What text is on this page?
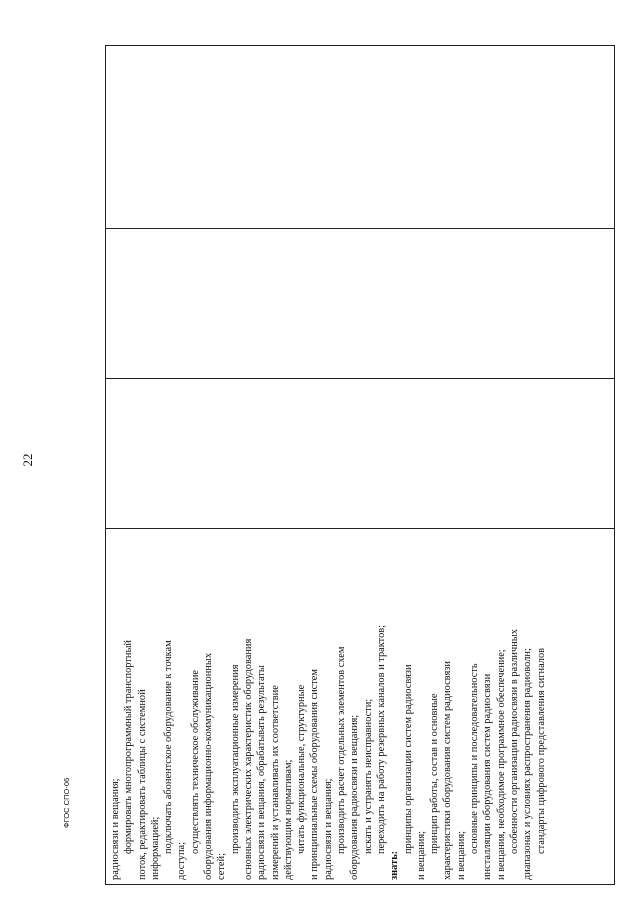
22
радиосвязи и вещания; формировать многопрограммный транспортный поток, редактировать таблицы с системной информацией; подключать абонентское оборудование к точкам
доступа;
осуществлять техническое обслуживание оборудования информационно-коммуникационных сетей;
производить эксплуатационные измерения основных электрических характеристик оборудования радиосвязи и вещания, обрабатывать результаты измерений и устанавливать их соответствие действующим нормативам; читать функциональные, структурные и принципиальные схемы оборудования систем радиосвязи и вещания; производить расчет отдельных элементов схем оборудования радиосвязи и вещания; искать и устранять неисправности; переходить на работу резервных каналов и трактов;
знать:
принципы организации систем радиосвязи
и вещания;
принцип работы, состав и основные характеристики оборудования систем радиосвязи и вещания;
основные принципы и последовательность инсталляции оборудования систем радиосвязи и вещания, необходимое программное обеспечение; особенности организации радиосвязи в различных диапазонах и условиях распространения радиоволн; стандарты цифрового представления сигналов
ФГОС СПО-06
